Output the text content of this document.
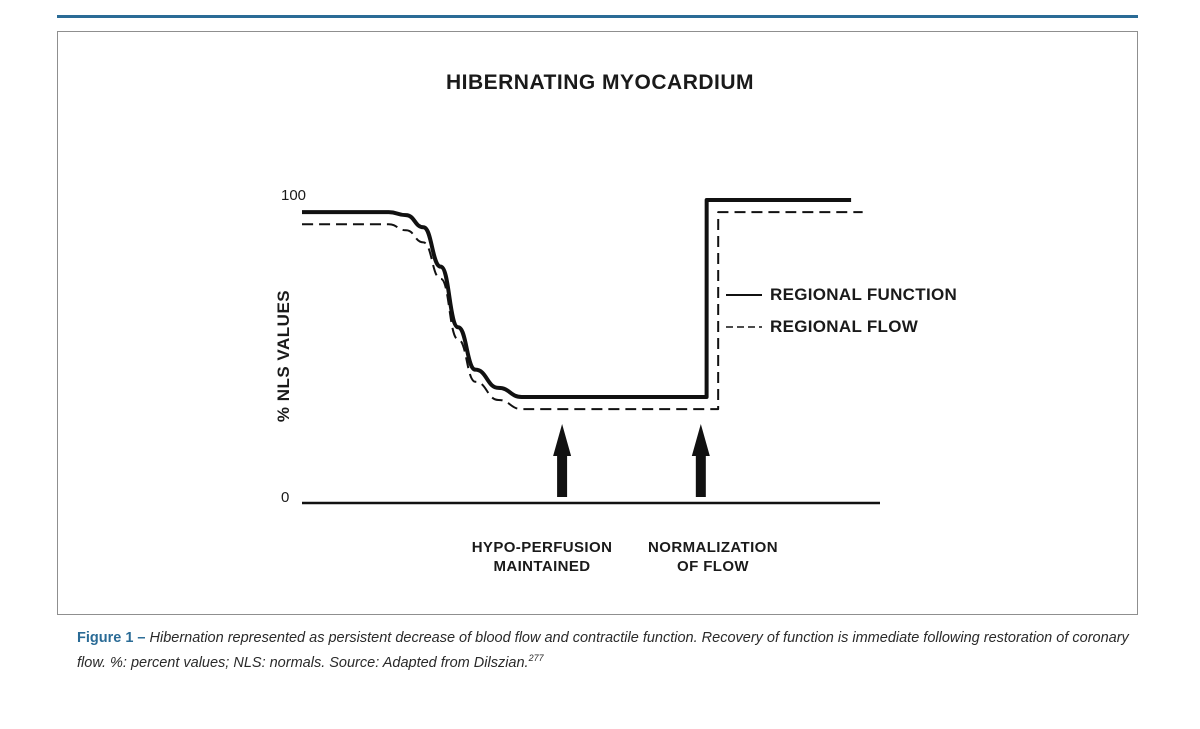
HIBERNATING MYOCARDIUM
% NLS VALUES
100
0
REGIONAL FUNCTION
REGIONAL FLOW
HYPO-PERFUSION
MAINTAINED
NORMALIZATION
OF FLOW
Figure 1 – Hibernation represented as persistent decrease of blood flow and contractile function. Recovery of function is immediate following restoration of coronary flow. %: percent values; NLS: normals. Source: Adapted from Dilszian.$^{277}$
